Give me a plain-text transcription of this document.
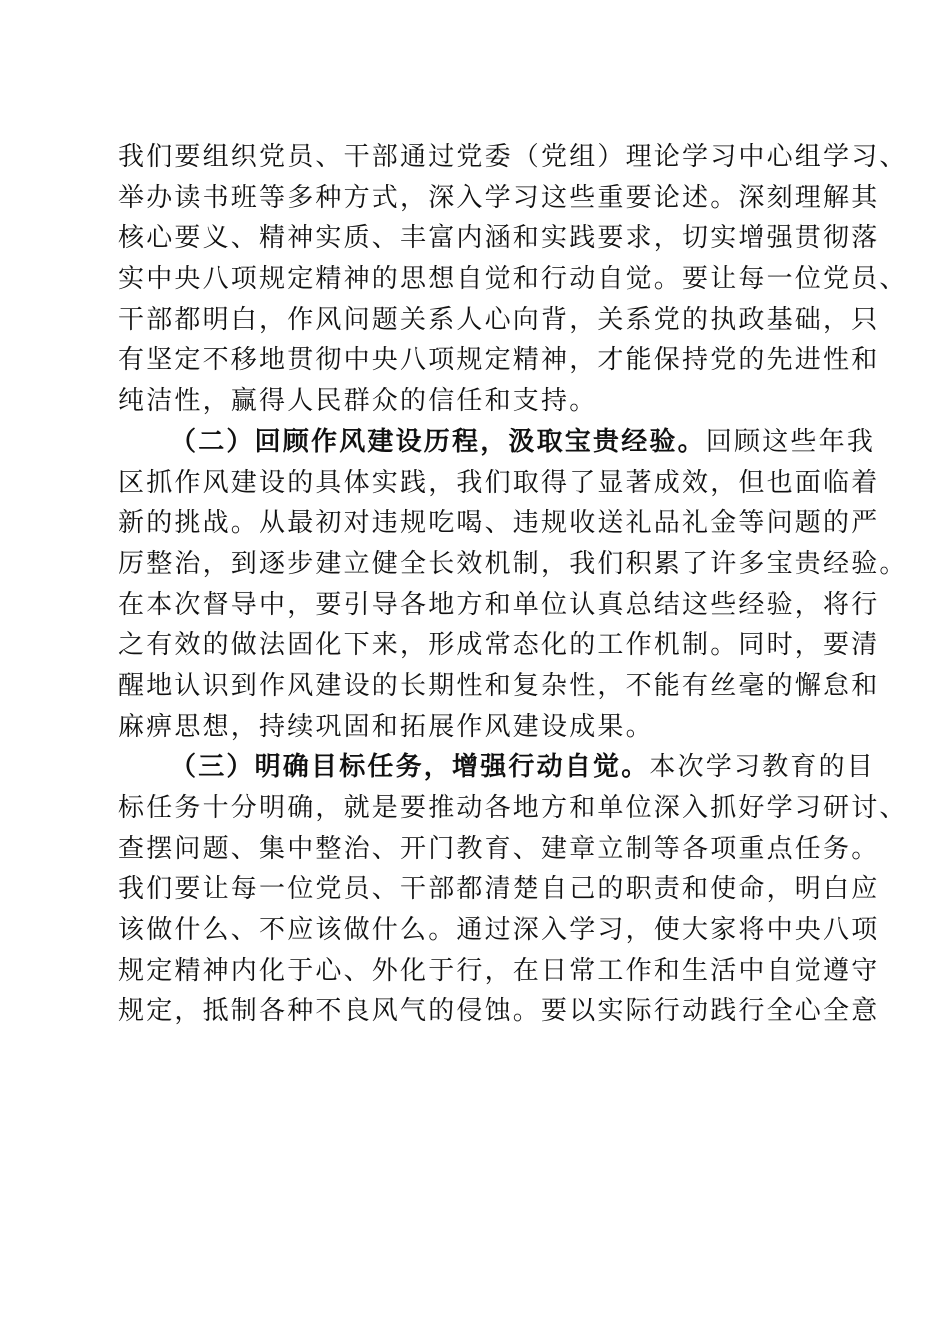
我们要组织党员、干部通过党委（党组）理论学习中心组学习、
举办读书班等多种方式，深入学习这些重要论述。深刻理解其
核心要义、精神实质、丰富内涵和实践要求，切实增强贯彻落
实中央八项规定精神的思想自觉和行动自觉。要让每一位党员、
干部都明白，作风问题关系人心向背，关系党的执政基础，只
有坚定不移地贯彻中央八项规定精神，才能保持党的先进性和
纯洁性，赢得人民群众的信任和支持。
（二）回顾作风建设历程，汲取宝贵经验。回顾这些年我
区抓作风建设的具体实践，我们取得了显著成效，但也面临着
新的挑战。从最初对违规吃喝、违规收送礼品礼金等问题的严
厉整治，到逐步建立健全长效机制，我们积累了许多宝贵经验。
在本次督导中，要引导各地方和单位认真总结这些经验，将行
之有效的做法固化下来，形成常态化的工作机制。同时，要清
醒地认识到作风建设的长期性和复杂性，不能有丝毫的懈怠和
麻痹思想，持续巩固和拓展作风建设成果。
（三）明确目标任务，增强行动自觉。本次学习教育的目
标任务十分明确，就是要推动各地方和单位深入抓好学习研讨、
查摆问题、集中整治、开门教育、建章立制等各项重点任务。
我们要让每一位党员、干部都清楚自己的职责和使命，明白应
该做什么、不应该做什么。通过深入学习，使大家将中央八项
规定精神内化于心、外化于行，在日常工作和生活中自觉遵守
规定，抵制各种不良风气的侵蚀。要以实际行动践行全心全意
